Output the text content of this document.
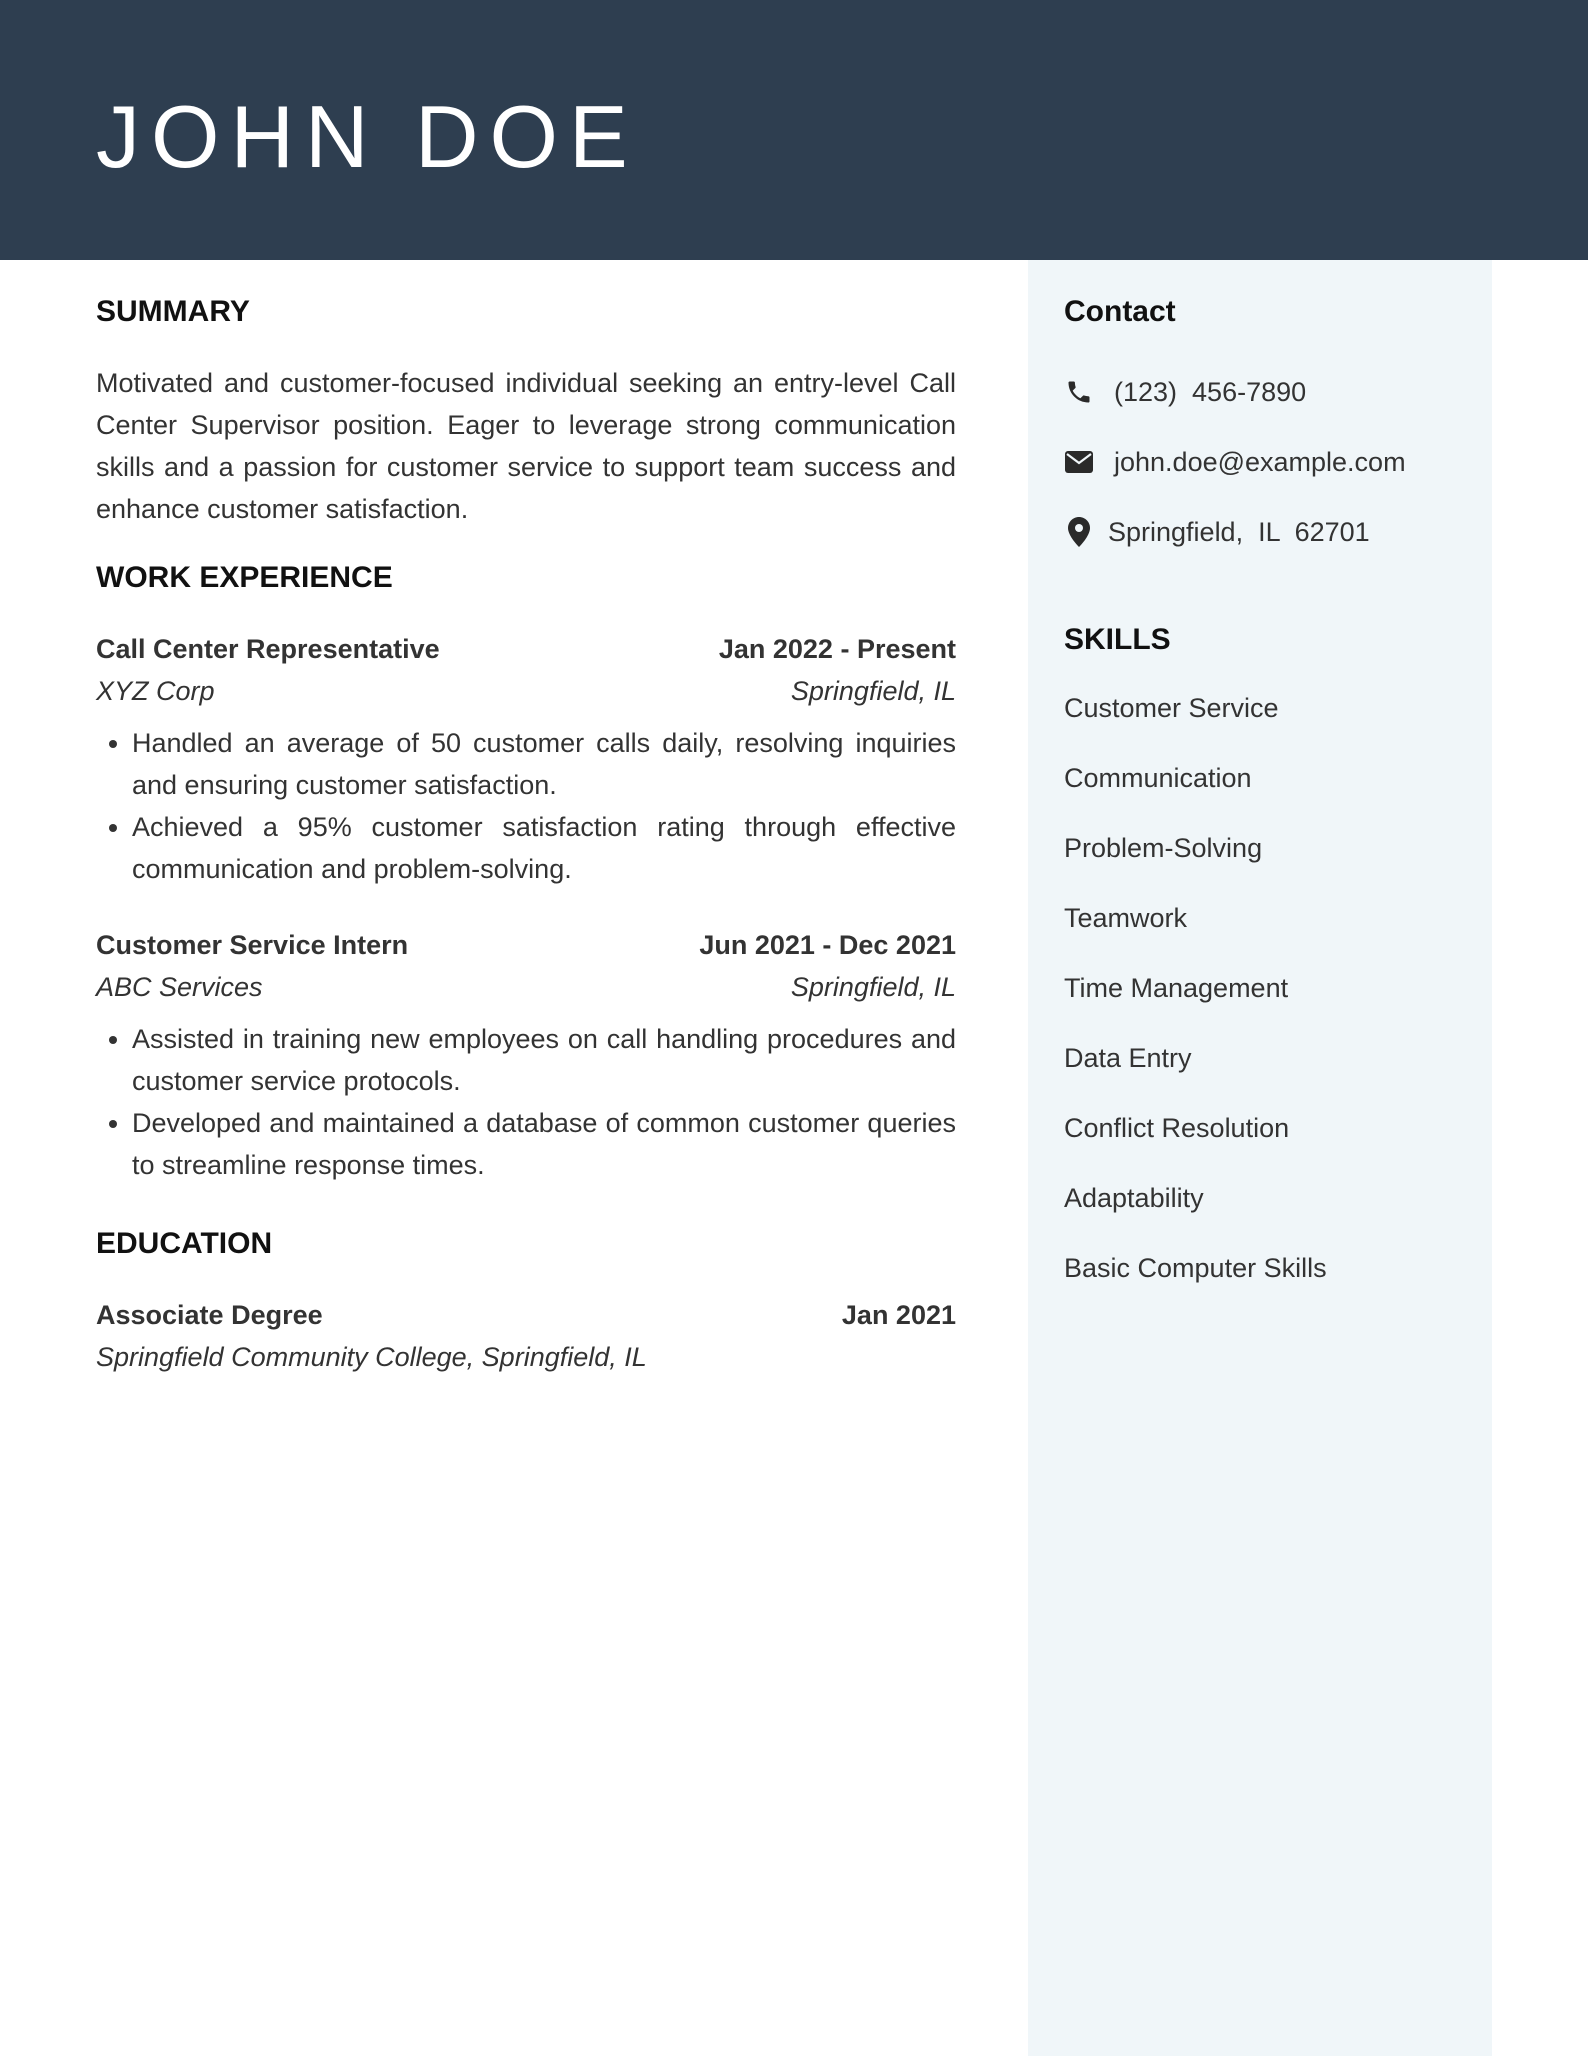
JOHN DOE
SUMMARY

Motivated and customer-focused individual seeking an entry-level Call Center Supervisor position. Eager to leverage strong communication skills and a passion for customer service to support team success and enhance customer satisfaction.

WORK EXPERIENCE
Call Center Representative	Jan 2022 - Present
XYZ Corp	Springfield, IL
• Handled an average of 50 customer calls daily, resolving inquiries and ensuring customer satisfaction.
• Achieved a 95% customer satisfaction rating through effective communication and problem-solving.
Customer Service Intern	Jun 2021 - Dec 2021
ABC Services	Springfield, IL
• Assisted in training new employees on call handling procedures and customer service protocols.
• Developed and maintained a database of common customer queries to streamline response times.
EDUCATION
Associate Degree	Jan 2021
Springfield Community College, Springfield, IL
Contact
(123)  456-7890
john.doe@example.com
Springfield,  IL  62701
SKILLS
Customer Service
Communication
Problem-Solving
Teamwork
Time Management
Data Entry
Conflict Resolution
Adaptability
Basic Computer Skills
